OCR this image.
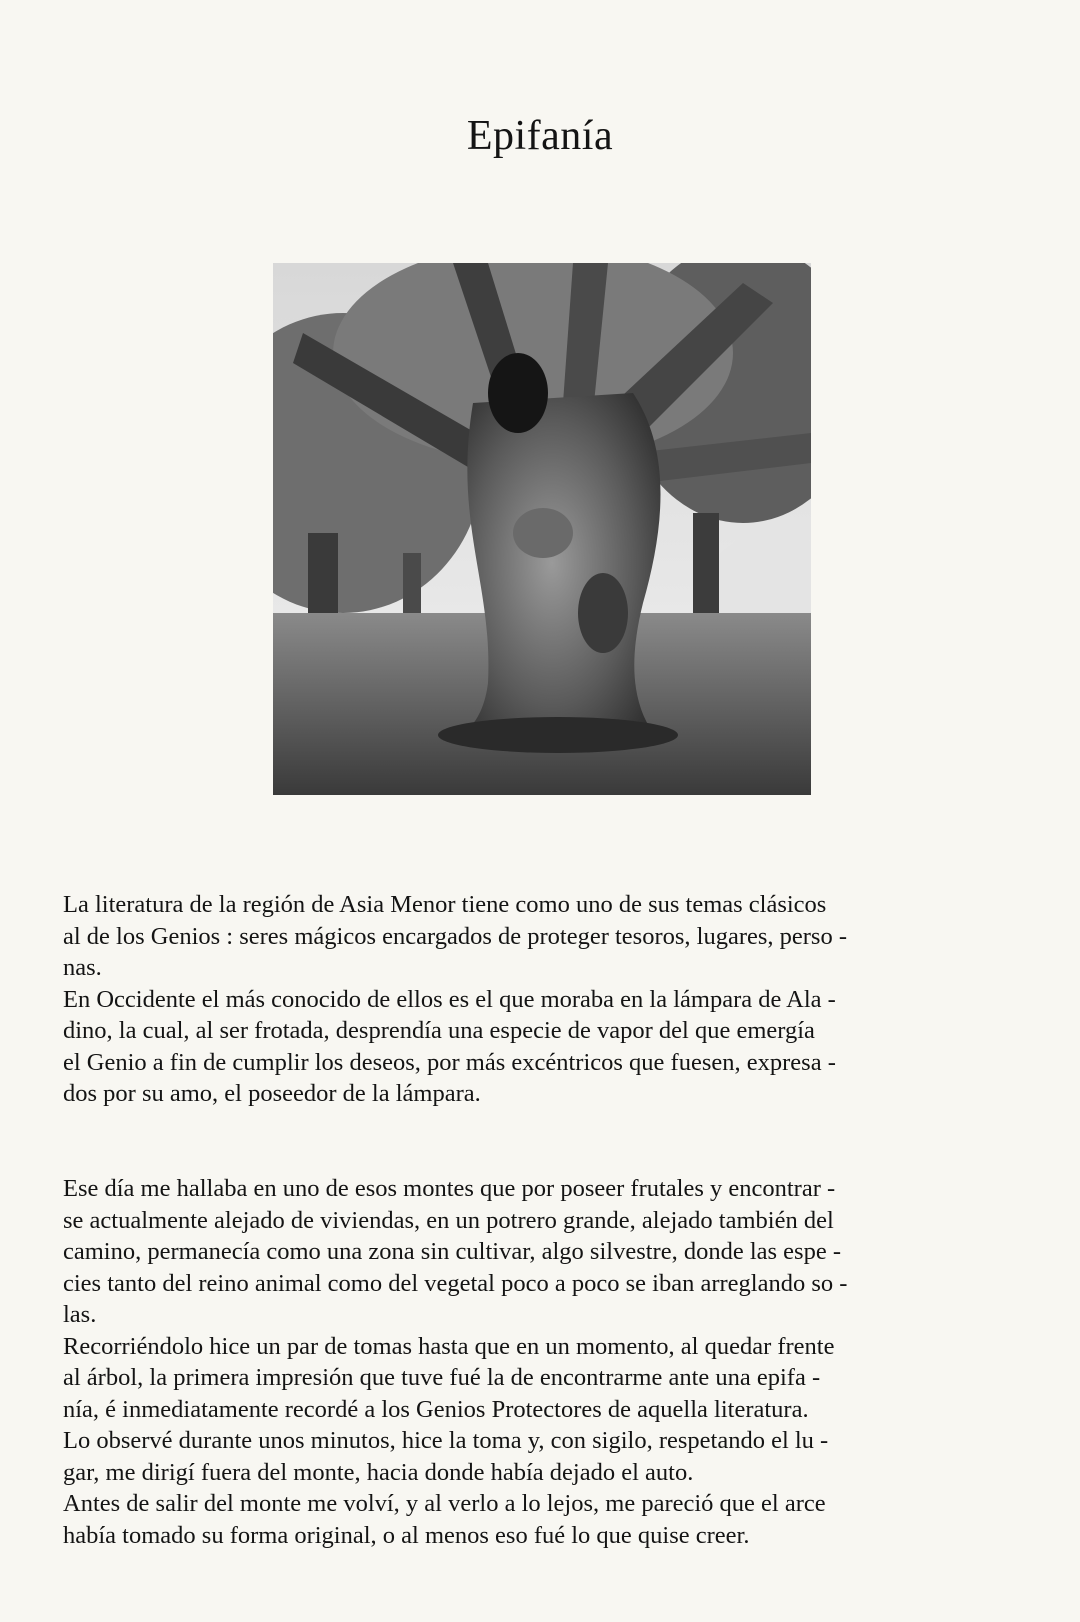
Epifanía
La literatura de la región de Asia Menor tiene como uno de sus temas clásicos
al de los Genios : seres mágicos encargados de proteger tesoros, lugares, perso -
nas.
En Occidente el más conocido de ellos es el que moraba en la lámpara de Ala -
dino, la cual, al ser frotada, desprendía una especie de vapor del que emergía
el Genio a fin de cumplir los deseos, por más excéntricos que fuesen, expresa -
dos por su amo, el poseedor de la lámpara.
Ese día me hallaba en uno de esos montes que por poseer frutales y encontrar -
se actualmente alejado de viviendas, en un potrero grande, alejado también del
camino, permanecía como una zona sin cultivar, algo silvestre, donde las espe -
cies tanto del reino animal como del vegetal poco a poco se iban arreglando so -
las.
Recorriéndolo hice un par de tomas hasta que en un momento, al quedar frente
al árbol, la primera impresión que tuve fué la de encontrarme ante una epifa -
nía, é inmediatamente recordé a los Genios Protectores de aquella literatura.
Lo observé durante unos minutos, hice la toma y, con sigilo, respetando el lu -
gar, me dirigí fuera del monte, hacia donde había dejado el auto.
Antes de salir del monte me volví, y al verlo a lo lejos, me pareció que el arce
había tomado su forma original, o al menos eso fué lo que quise creer.
